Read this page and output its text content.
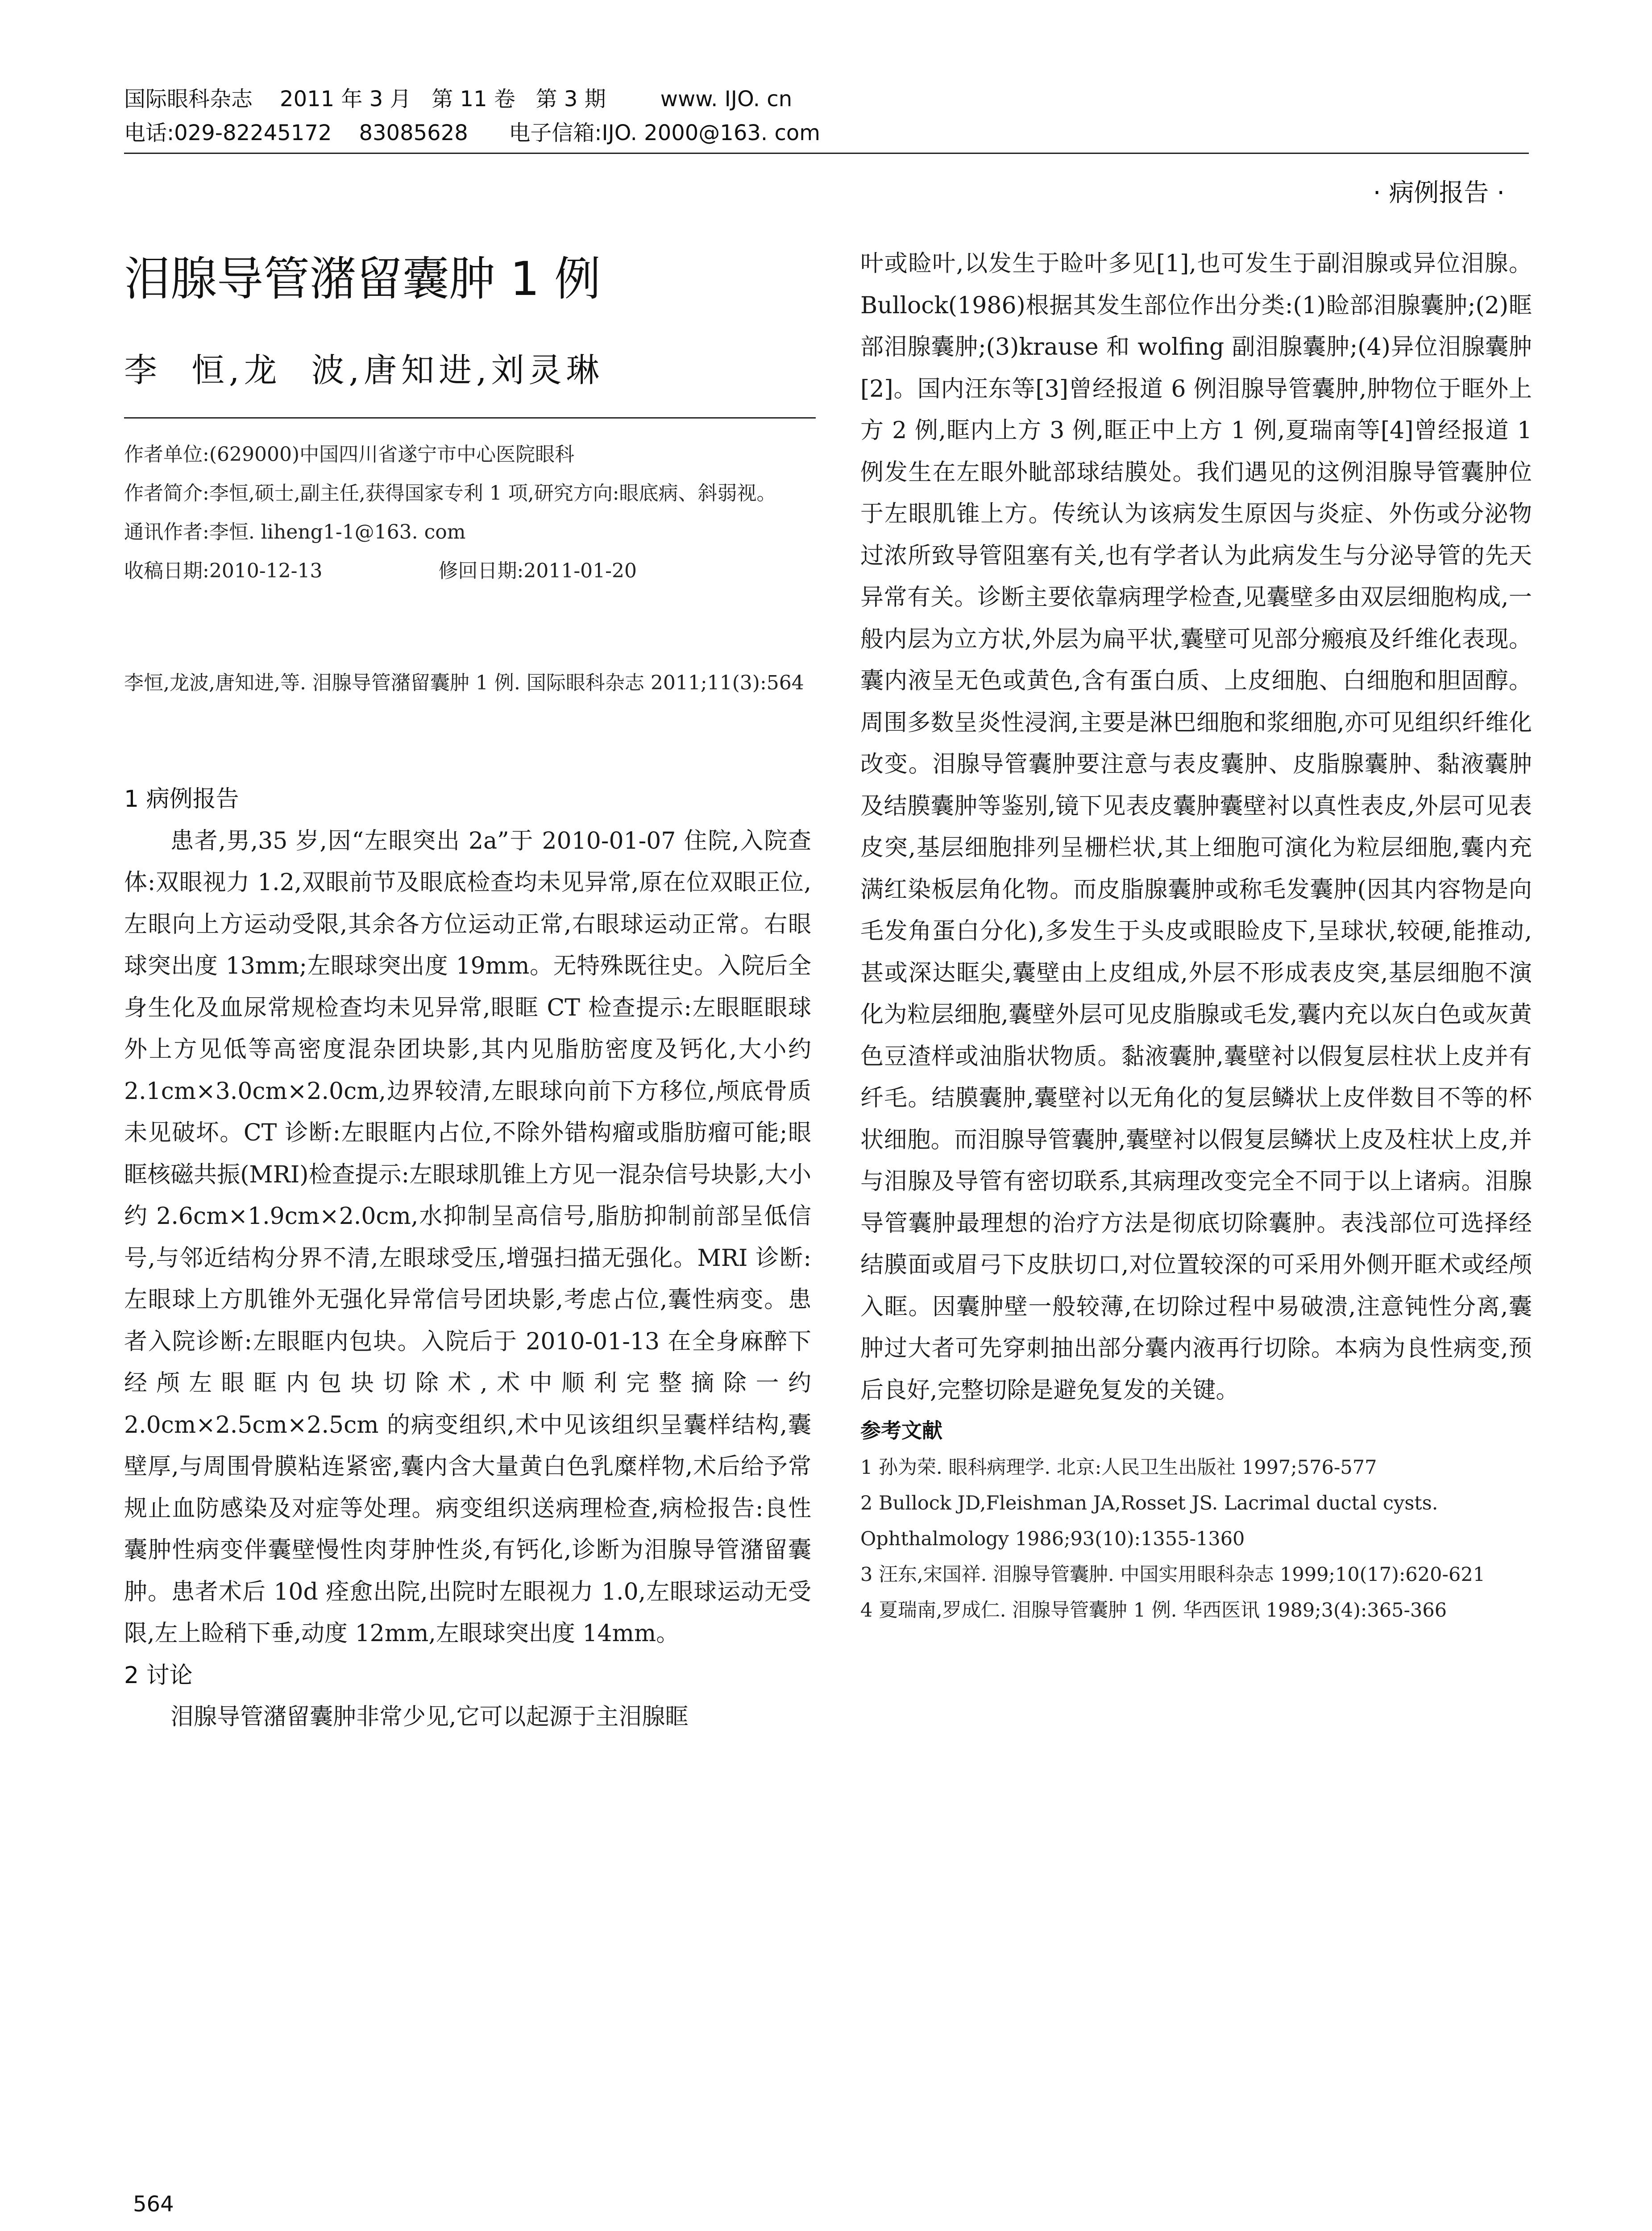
国际眼科杂志    2011 年 3 月   第 11 卷   第 3 期        www. IJO. cn
电话:029-82245172    83085628      电子信箱:IJO. 2000@163. com
· 病例报告 ·
泪腺导管潴留囊肿 1 例
李  恒,龙  波,唐知进,刘灵琳
作者单位:(629000)中国四川省遂宁市中心医院眼科
作者简介:李恒,硕士,副主任,获得国家专利 1 项,研究方向:眼底病、斜弱视。
通讯作者:李恒. liheng1-1@163. com
收稿日期:2010-12-13	修回日期:2011-01-20
李恒,龙波,唐知进,等. 泪腺导管潴留囊肿 1 例. 国际眼科杂志 2011;11(3):564
1 病例报告

患者,男,35 岁,因“左眼突出 2a”于 2010-01-07 住院,入院查体:双眼视力 1.2,双眼前节及眼底检查均未见异常,原在位双眼正位,左眼向上方运动受限,其余各方位运动正常,右眼球运动正常。右眼球突出度 13mm;左眼球突出度 19mm。无特殊既往史。入院后全身生化及血尿常规检查均未见异常,眼眶 CT 检查提示:左眼眶眼球外上方见低等高密度混杂团块影,其内见脂肪密度及钙化,大小约 2.1cm×3.0cm×2.0cm,边界较清,左眼球向前下方移位,颅底骨质未见破坏。CT 诊断:左眼眶内占位,不除外错构瘤或脂肪瘤可能;眼眶核磁共振(MRI)检查提示:左眼球肌锥上方见一混杂信号块影,大小约 2.6cm×1.9cm×2.0cm,水抑制呈高信号,脂肪抑制前部呈低信号,与邻近结构分界不清,左眼球受压,增强扫描无强化。MRI 诊断:左眼球上方肌锥外无强化异常信号团块影,考虑占位,囊性病变。患者入院诊断:左眼眶内包块。入院后于 2010-01-13 在全身麻醉下经颅左眼眶内包块切除术,术中顺利完整摘除一约 2.0cm×2.5cm×2.5cm 的病变组织,术中见该组织呈囊样结构,囊壁厚,与周围骨膜粘连紧密,囊内含大量黄白色乳糜样物,术后给予常规止血防感染及对症等处理。病变组织送病理检查,病检报告:良性囊肿性病变伴囊壁慢性肉芽肿性炎,有钙化,诊断为泪腺导管潴留囊肿。患者术后 10d 痊愈出院,出院时左眼视力 1.0,左眼球运动无受限,左上睑稍下垂,动度 12mm,左眼球突出度 14mm。

2 讨论

泪腺导管潴留囊肿非常少见,它可以起源于主泪腺眶

叶或睑叶,以发生于睑叶多见[1],也可发生于副泪腺或异位泪腺。Bullock(1986)根据其发生部位作出分类:(1)睑部泪腺囊肿;(2)眶部泪腺囊肿;(3)krause 和 wolfing 副泪腺囊肿;(4)异位泪腺囊肿[2]。国内汪东等[3]曾经报道 6 例泪腺导管囊肿,肿物位于眶外上方 2 例,眶内上方 3 例,眶正中上方 1 例,夏瑞南等[4]曾经报道 1 例发生在左眼外眦部球结膜处。我们遇见的这例泪腺导管囊肿位于左眼肌锥上方。传统认为该病发生原因与炎症、外伤或分泌物过浓所致导管阻塞有关,也有学者认为此病发生与分泌导管的先天异常有关。诊断主要依靠病理学检查,见囊壁多由双层细胞构成,一般内层为立方状,外层为扁平状,囊壁可见部分瘢痕及纤维化表现。囊内液呈无色或黄色,含有蛋白质、上皮细胞、白细胞和胆固醇。周围多数呈炎性浸润,主要是淋巴细胞和浆细胞,亦可见组织纤维化改变。泪腺导管囊肿要注意与表皮囊肿、皮脂腺囊肿、黏液囊肿及结膜囊肿等鉴别,镜下见表皮囊肿囊壁衬以真性表皮,外层可见表皮突,基层细胞排列呈栅栏状,其上细胞可演化为粒层细胞,囊内充满红染板层角化物。而皮脂腺囊肿或称毛发囊肿(因其内容物是向毛发角蛋白分化),多发生于头皮或眼睑皮下,呈球状,较硬,能推动,甚或深达眶尖,囊壁由上皮组成,外层不形成表皮突,基层细胞不演化为粒层细胞,囊壁外层可见皮脂腺或毛发,囊内充以灰白色或灰黄色豆渣样或油脂状物质。黏液囊肿,囊壁衬以假复层柱状上皮并有纤毛。结膜囊肿,囊壁衬以无角化的复层鳞状上皮伴数目不等的杯状细胞。而泪腺导管囊肿,囊壁衬以假复层鳞状上皮及柱状上皮,并与泪腺及导管有密切联系,其病理改变完全不同于以上诸病。泪腺导管囊肿最理想的治疗方法是彻底切除囊肿。表浅部位可选择经结膜面或眉弓下皮肤切口,对位置较深的可采用外侧开眶术或经颅入眶。因囊肿壁一般较薄,在切除过程中易破溃,注意钝性分离,囊肿过大者可先穿刺抽出部分囊内液再行切除。本病为良性病变,预后良好,完整切除是避免复发的关键。

参考文献
1 孙为荣. 眼科病理学. 北京:人民卫生出版社 1997;576-577
2 Bullock JD,Fleishman JA,Rosset JS. Lacrimal ductal cysts. Ophthalmology 1986;93(10):1355-1360
3 汪东,宋国祥. 泪腺导管囊肿. 中国实用眼科杂志 1999;10(17):620-621
4 夏瑞南,罗成仁. 泪腺导管囊肿 1 例. 华西医讯 1989;3(4):365-366
564
